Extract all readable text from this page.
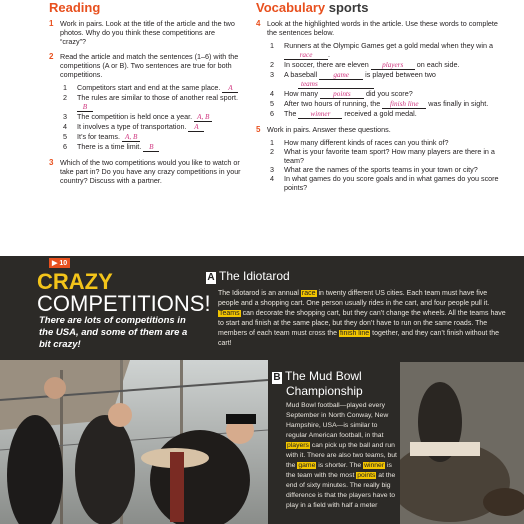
Reading
1 Work in pairs. Look at the title of the article and the two photos. Why do you think these competitions are “crazy”?
2 Read the article and match the sentences (1–6) with the competitions (A or B). Two sentences are true for both competitions.
1 Competitors start and end at the same place. A
2 The rules are similar to those of another real sport. B
3 The competition is held once a year. A, B
4 It involves a type of transportation. A
5 It’s for teams. A, B
6 There is a time limit. B
3 Which of the two competitions would you like to watch or take part in? Do you have any crazy competitions in your country? Discuss with a partner.
Vocabulary sports
4 Look at the highlighted words in the article. Use these words to complete the sentences below.
1 Runners at the Olympic Games get a gold medal when they win a race .
2 In soccer, there are eleven players on each side.
3 A baseball game is played between two
teams
4 How many points did you score?
5 After two hours of running, the finish line was finally in sight.
6 The winner received a gold medal.
5 Work in pairs. Answer these questions.
1 How many different kinds of races can you think of?
2 What is your favorite team sport? How many players are there in a team?
3 What are the names of the sports teams in your town or city?
4 In what games do you score goals and in what games do you score points?
▶ 10
CRAZY
COMPETITIONS!
There are lots of competitions in the USA, and some of them are a bit crazy!
A The Idiotarod
The Idiotarod is an annual race in twenty different US cities. Each team must have five people and a shopping cart. One person usually rides in the cart, and four people pull it. Teams can decorate the shopping cart, but they can’t change the wheels. All the teams have to start and finish at the same place, but they don’t have to run on the same roads. The members of each team must cross the finish line together, and they can’t finish without the cart!
B The Mud Bowl
Championship
Mud Bowl football—played every September in North Conway, New Hampshire, USA—is similar to regular American football, in that players can pick up the ball and run with it. There are also two teams, but the game is shorter. The winner is the team with the most points at the end of sixty minutes. The really big difference is that the players have to play in a field with half a meter
